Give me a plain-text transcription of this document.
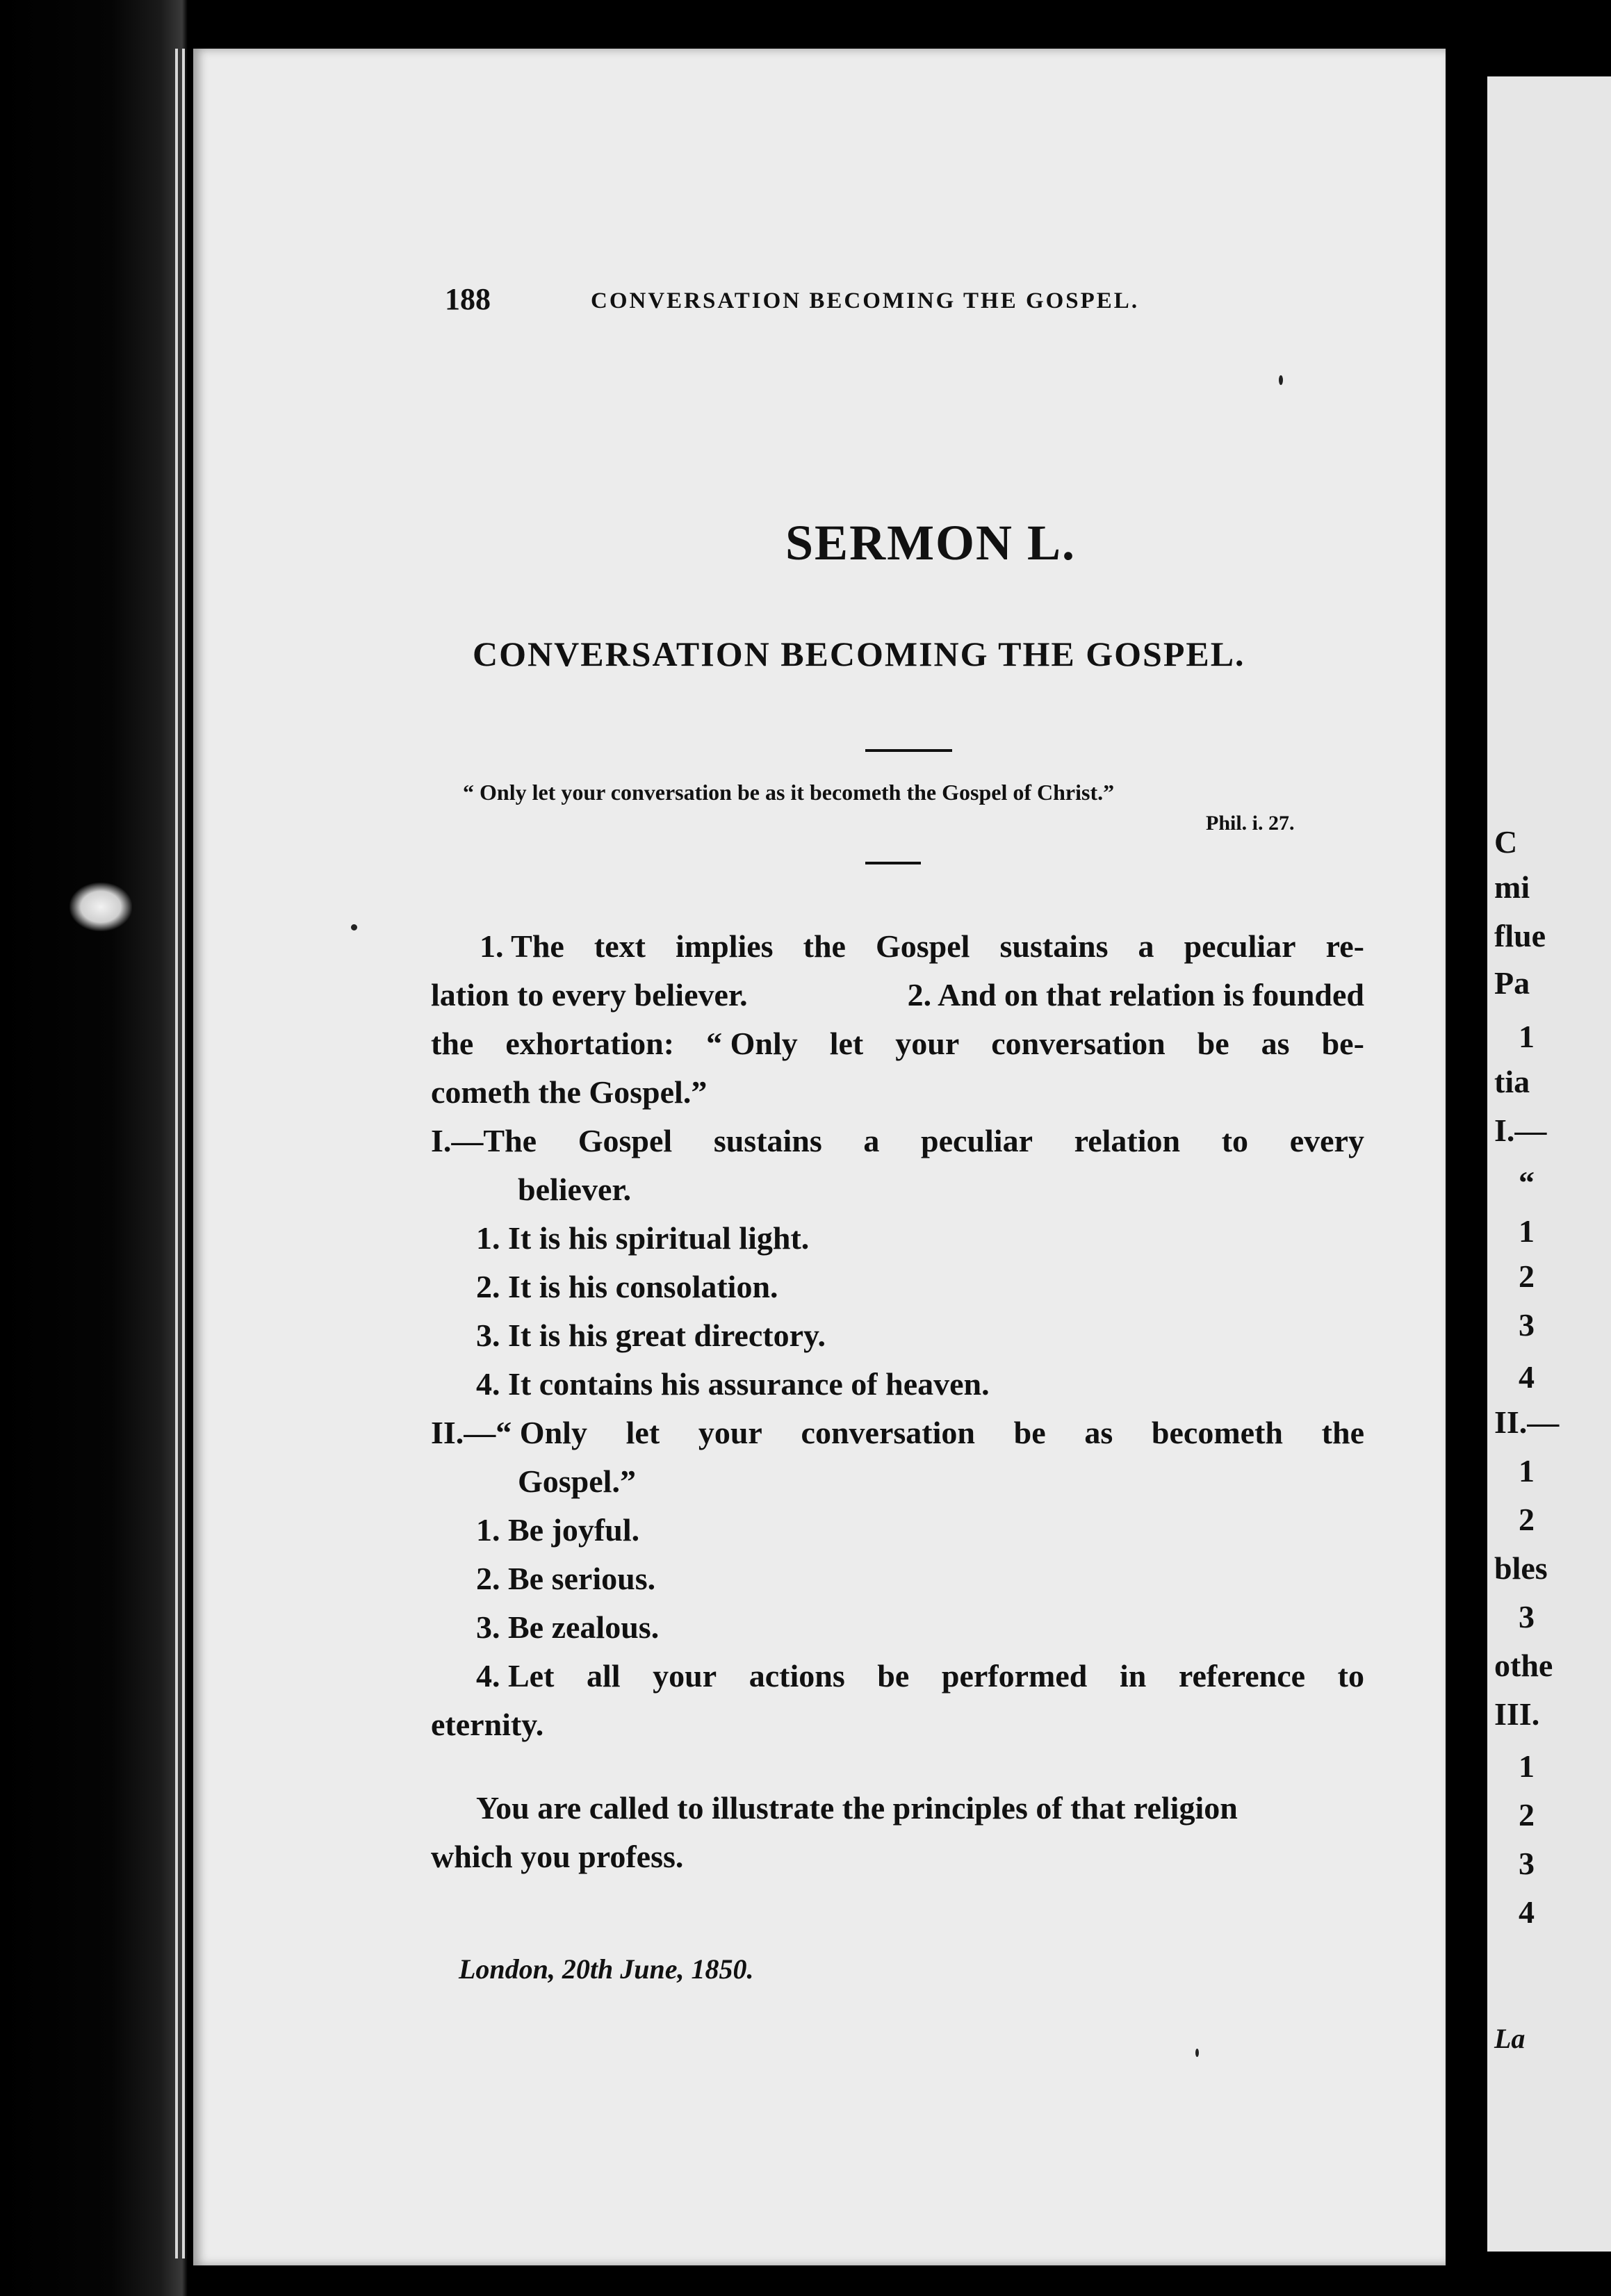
C
mi
flue
Pa
1
tia
I.—
“
1
2
3
4
II.—
1
2
bles
3
othe
III.
1
2
3
4
La
188	CONVERSATION BECOMING THE GOSPEL.
SERMON L.
CONVERSATION BECOMING THE GOSPEL.
“ Only let your conversation be as it becometh the Gospel of Christ.”
Phil. i. 27.
1. The text implies the Gospel sustains a peculiar re-
lation to every believer.	2. And on that relation is founded
the exhortation: “ Only let your conversation be as be-
cometh the Gospel.”
I.—The Gospel sustains a peculiar relation to every
believer.
1. It is his spiritual light.
2. It is his consolation.
3. It is his great directory.
4. It contains his assurance of heaven.
II.—“ Only let your conversation be as becometh the
Gospel.”
1. Be joyful.
2. Be serious.
3. Be zealous.
4. Let all your actions be performed in reference to
eternity.
You are called to illustrate the principles of that religion
which you profess.
London, 20th June, 1850.
